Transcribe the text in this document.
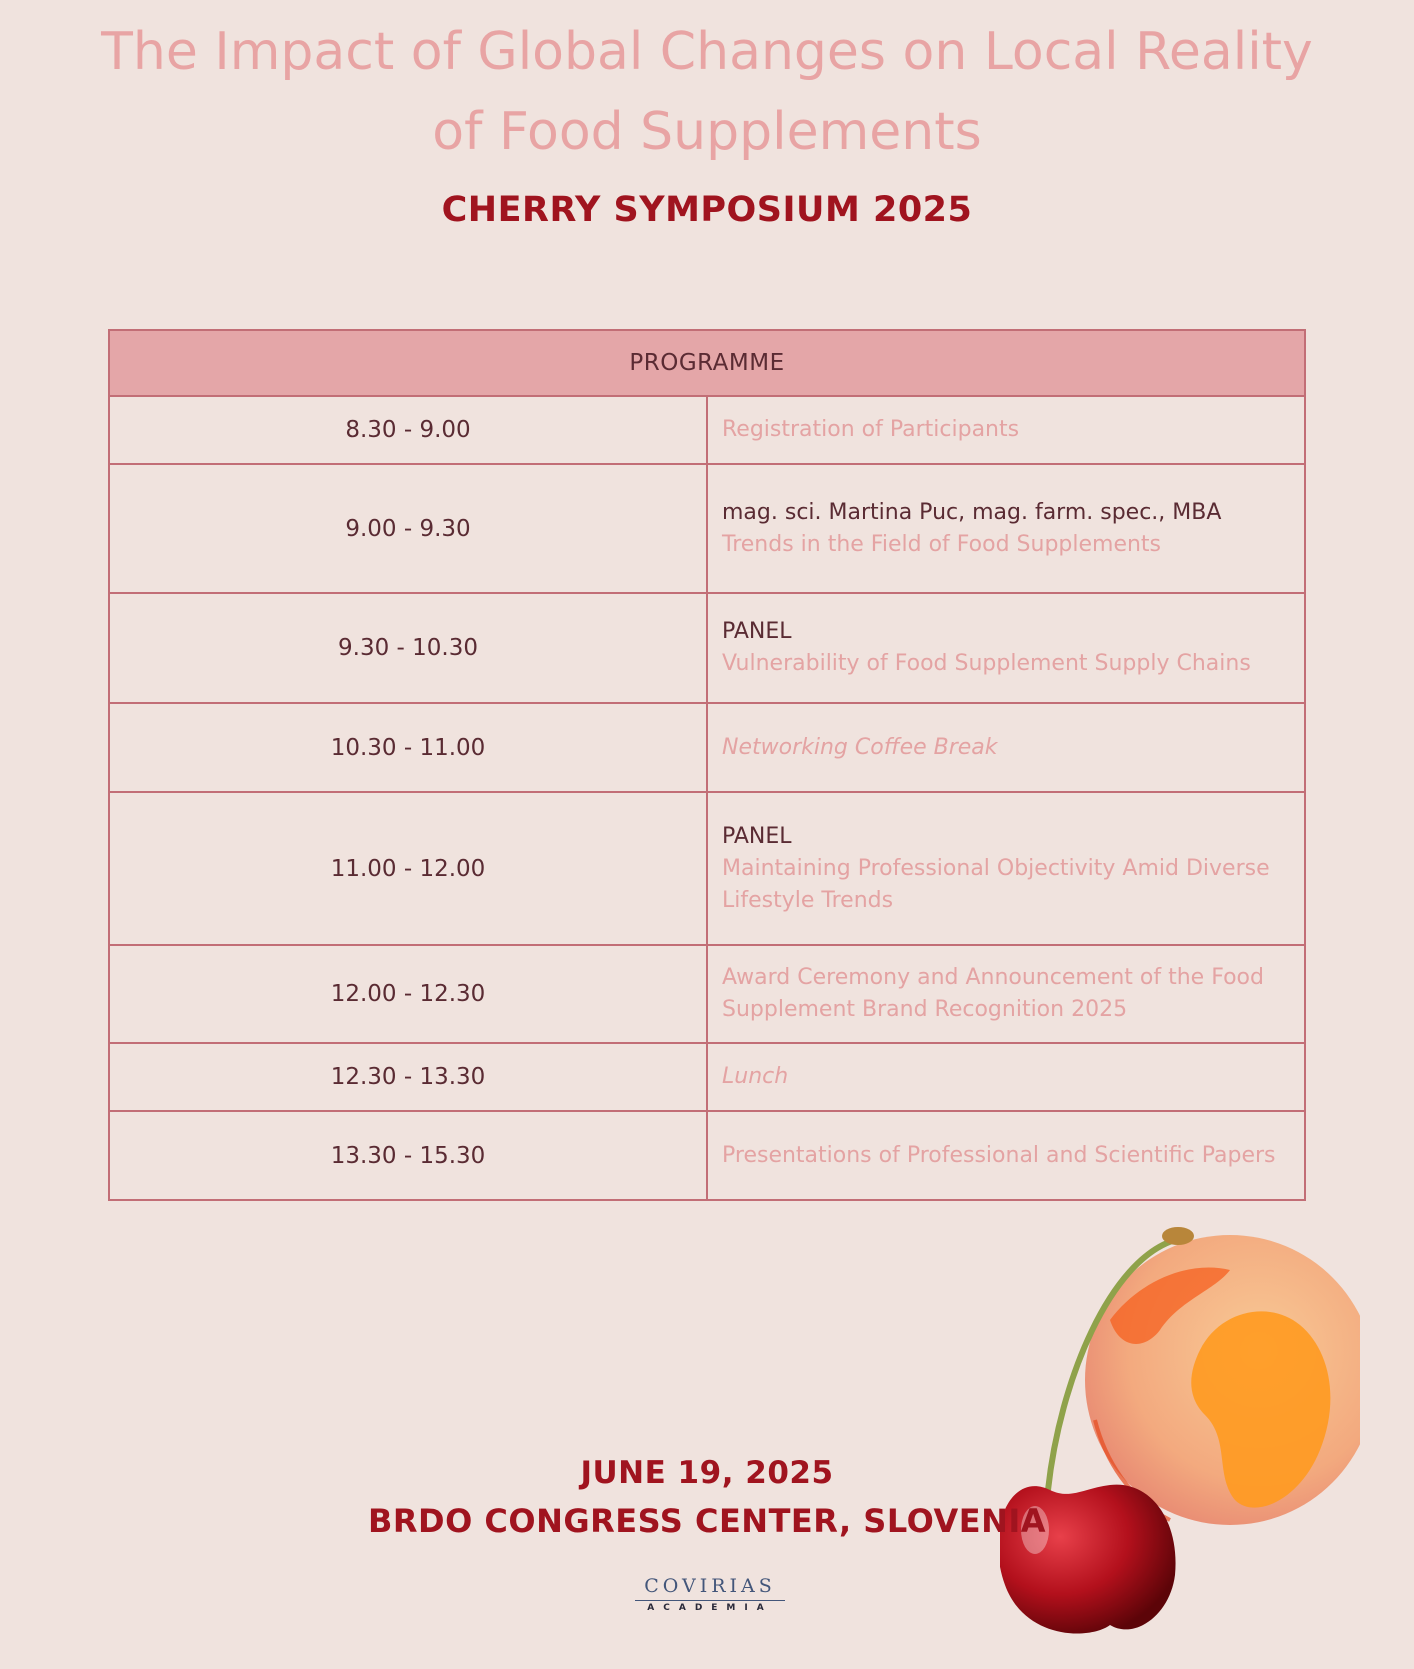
The Impact of Global Changes on Local Reality
of Food Supplements
CHERRY SYMPOSIUM 2025
PROGRAMME	
8.30 - 9.00	Registration of Participants

9.00 - 9.30	mag. sci. Martina Puc, mag. farm. spec., MBA
Trends in the Field of Food Supplements

9.30 - 10.30	PANEL
Vulnerability of Food Supplement Supply Chains

10.30 - 11.00	Networking Coffee Break

11.00 - 12.00	PANEL
Maintaining Professional Objectivity Amid Diverse Lifestyle Trends

12.00 - 12.30	Award Ceremony and Announcement of the Food Supplement Brand Recognition 2025

12.30 - 13.30	Lunch

13.30 - 15.30	Presentations of Professional and Scientific Papers

JUNE 19, 2025

BRDO CONGRESS CENTER, SLOVENIA

COVIRIAS
ACADEMIA
